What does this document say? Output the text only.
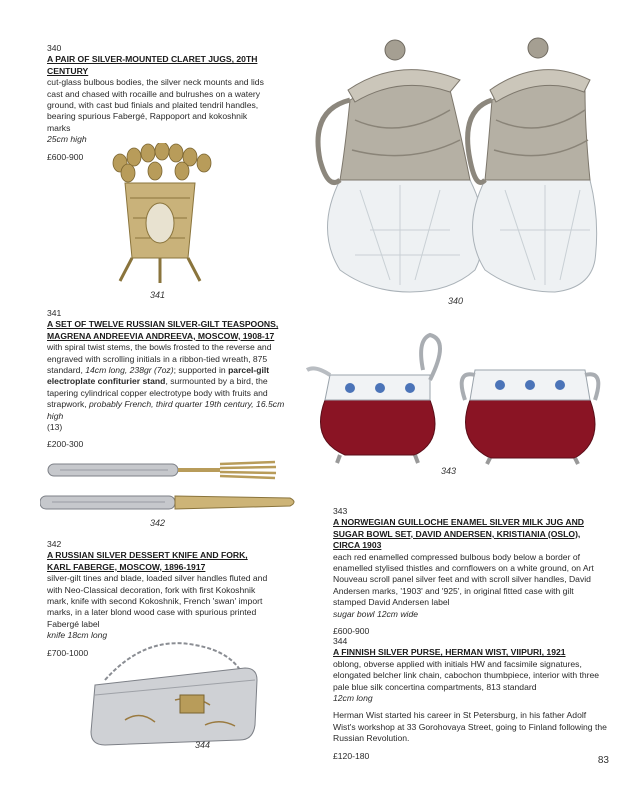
340
A PAIR OF SILVER-MOUNTED CLARET JUGS, 20TH CENTURY
cut-glass bulbous bodies, the silver neck mounts and lids cast and chased with rocaille and bulrushes on a watery ground, with cast bud finials and plaited tendril handles, bearing spurious Fabergé, Rappoport and kokoshnik marks
25cm high
£600-900
340
341
341
A SET OF TWELVE RUSSIAN SILVER-GILT TEASPOONS, MAGRENA ANDREEVIA ANDREEVA, MOSCOW, 1908-17
with spiral twist stems, the bowls frosted to the reverse and engraved with scrolling initials in a ribbon-tied wreath, 875 standard, 14cm long, 238gr (7oz); supported in parcel-gilt electroplate confiturier stand, surmounted by a bird, the tapering cylindrical copper electrotype body with fruits and strapwork, probably French, third quarter 19th century, 16.5cm high
(13)
£200-300
343
342
342
A RUSSIAN SILVER DESSERT KNIFE AND FORK, KARL FABERGE, MOSCOW, 1896-1917
silver-gilt tines and blade, loaded silver handles fluted and with Neo-Classical decoration, fork with first Kokoshnik mark, knife with second Kokoshnik, French 'swan' import marks, in a later blond wood case with spurious printed Fabergé label
knife 18cm long
£700-1000
343
A NORWEGIAN GUILLOCHE ENAMEL SILVER MILK JUG AND SUGAR BOWL SET, DAVID ANDERSEN, KRISTIANIA (OSLO), CIRCA 1903
each red enamelled compressed bulbous body below a border of enamelled stylised thistles and cornflowers on a white ground, on Art Nouveau scroll panel silver feet and with scroll silver handles, David Andersen marks, '1903' and '925', in original fitted case with gilt stamped David Andersen label
sugar bowl 12cm wide
£600-900
344
A FINNISH SILVER PURSE, HERMAN WIST, VIIPURI, 1921
oblong, obverse applied with initials HW and facsimile signatures, elongated belcher link chain, cabochon thumbpiece, interior with three pale blue silk concertina compartments, 813 standard
12cm long
Herman Wist started his career in St Petersburg, in his father Adolf Wist's workshop at 33 Gorohovaya Street, going to Finland following the Russian Revolution.
£120-180
344
83
